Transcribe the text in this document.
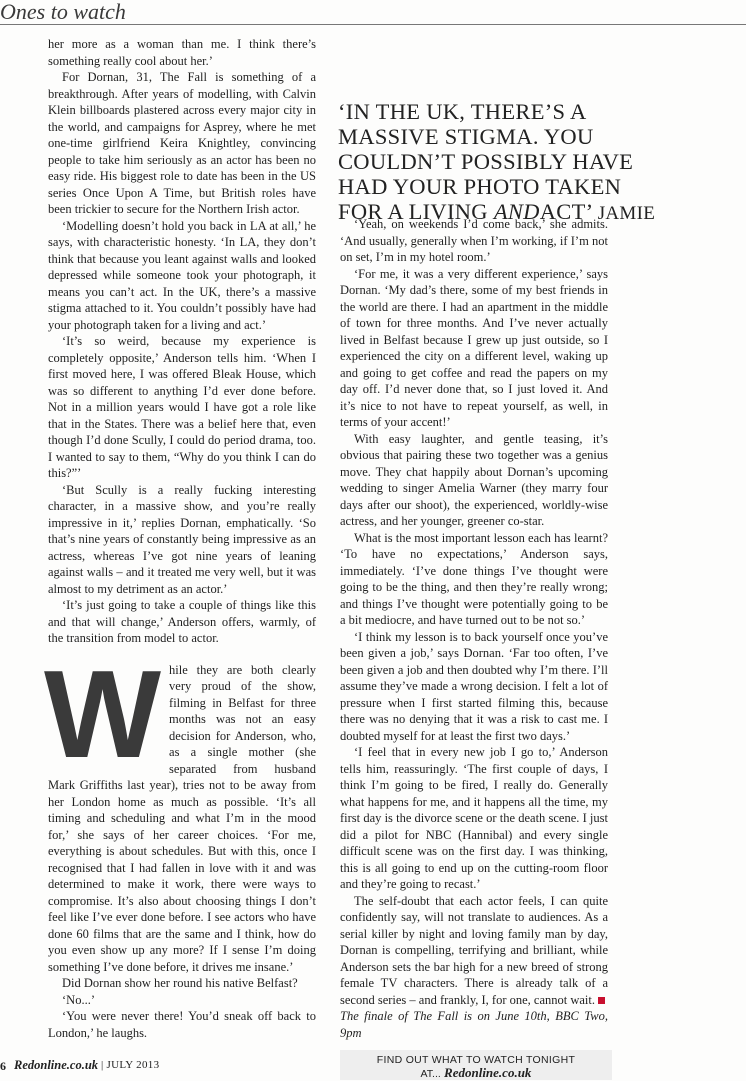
Ones to watch
‘IN THE UK, THERE’S A MASSIVE STIGMA. YOU COULDN’T POSSIBLY HAVE HAD YOUR PHOTO TAKEN FOR A LIVING ANDACT’ JAMIE

her more as a woman than me. I think there’s something really cool about her.’

For Dornan, 31, The Fall is something of a breakthrough. After years of modelling, with Calvin Klein billboards plastered across every major city in the world, and campaigns for Asprey, where he met one-time girlfriend Keira Knightley, convincing people to take him seriously as an actor has been no easy ride. His biggest role to date has been in the US series Once Upon A Time, but British roles have been trickier to secure for the Northern Irish actor.

‘Modelling doesn’t hold you back in LA at all,’ he says, with characteristic honesty. ‘In LA, they don’t think that because you leant against walls and looked depressed while someone took your photograph, it means you can’t act. In the UK, there’s a massive stigma attached to it. You couldn’t possibly have had your photograph taken for a living and act.’

‘It’s so weird, because my experience is completely opposite,’ Anderson tells him. ‘When I first moved here, I was offered Bleak House, which was so different to anything I’d ever done before. Not in a million years would I have got a role like that in the States. There was a belief here that, even though I’d done Scully, I could do period drama, too. I wanted to say to them, “Why do you think I can do this?”’

‘But Scully is a really fucking interesting character, in a massive show, and you’re really impressive in it,’ replies Dornan, emphatically. ‘So that’s nine years of constantly being impressive as an actress, whereas I’ve got nine years of leaning against walls – and it treated me very well, but it was almost to my detriment as an actor.’

‘It’s just going to take a couple of things like this and that will change,’ Anderson offers, warmly, of the transition from model to actor.

W hile they are both clearly very proud of the show, filming in Belfast for three months was not an easy decision for Anderson, who, as a single mother (she separated from husband Mark Griffiths last year), tries not to be away from her London home as much as possible. ‘It’s all timing and scheduling and what I’m in the mood for,’ she says of her career choices. ‘For me, everything is about schedules. But with this, once I recognised that I had fallen in love with it and was determined to make it work, there were ways to compromise. It’s also about choosing things I don’t feel like I’ve ever done before. I see actors who have done 60 films that are the same and I think, how do you even show up any more? If I sense I’m doing something I’ve done before, it drives me insane.’

Did Dornan show her round his native Belfast?

‘No...’

‘You were never there! You’d sneak off back to London,’ he laughs.

‘Yeah, on weekends I’d come back,’ she admits. ‘And usually, generally when I’m working, if I’m not on set, I’m in my hotel room.’

‘For me, it was a very different experience,’ says Dornan. ‘My dad’s there, some of my best friends in the world are there. I had an apartment in the middle of town for three months. And I’ve never actually lived in Belfast because I grew up just outside, so I experienced the city on a different level, waking up and going to get coffee and read the papers on my day off. I’d never done that, so I just loved it. And it’s nice to not have to repeat yourself, as well, in terms of your accent!’

With easy laughter, and gentle teasing, it’s obvious that pairing these two together was a genius move. They chat happily about Dornan’s upcoming wedding to singer Amelia Warner (they marry four days after our shoot), the experienced, worldly-wise actress, and her younger, greener co-star.

What is the most important lesson each has learnt? ‘To have no expectations,’ Anderson says, immediately. ‘I’ve done things I’ve thought were going to be the thing, and then they’re really wrong; and things I’ve thought were potentially going to be a bit mediocre, and have turned out to be not so.’

‘I think my lesson is to back yourself once you’ve been given a job,’ says Dornan. ‘Far too often, I’ve been given a job and then doubted why I’m there. I’ll assume they’ve made a wrong decision. I felt a lot of pressure when I first started filming this, because there was no denying that it was a risk to cast me. I doubted myself for at least the first two days.’

‘I feel that in every new job I go to,’ Anderson tells him, reassuringly. ‘The first couple of days, I think I’m going to be fired, I really do. Generally what happens for me, and it happens all the time, my first day is the divorce scene or the death scene. I just did a pilot for NBC (Hannibal) and every single difficult scene was on the first day. I was thinking, this is all going to end up on the cutting-room floor and they’re going to recast.’

The self-doubt that each actor feels, I can quite confidently say, will not translate to audiences. As a serial killer by night and loving family man by day, Dornan is compelling, terrifying and brilliant, while Anderson sets the bar high for a new breed of strong female TV characters. There is already talk of a second series – and frankly, I, for one, cannot wait.

The finale of The Fall is on June 10th, BBC Two, 9pm

6 Redonline.co.uk | JULY 2013	FIND OUT WHAT TO WATCH TONIGHT
AT... Redonline.co.uk
